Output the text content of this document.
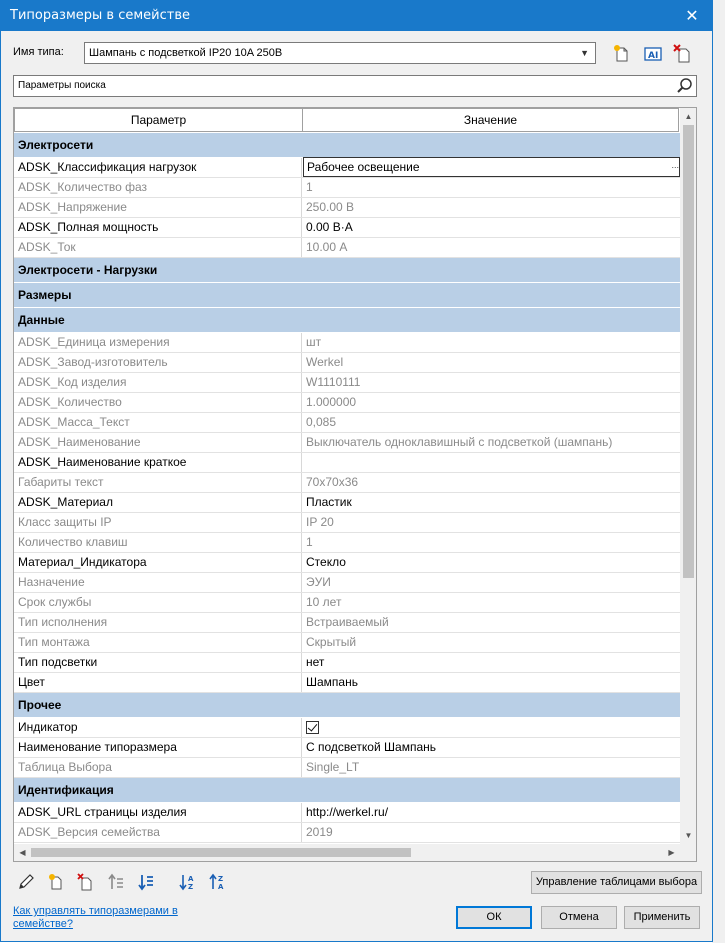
Типоразмеры в семействе	✕
Имя типа:	Шампань с подсветкой IP20 10A 250B	▼	AI
Параметры поиска
Параметр	Значение
Электросети
ADSK_Классификация нагрузок	Рабочее освещение	...
ADSK_Количество фаз	1
ADSK_Напряжение	250.00 В
ADSK_Полная мощность	0.00 В·А
ADSK_Ток	10.00 А
Электросети - Нагрузки
Размеры
Данные
ADSK_Единица измерения	шт
ADSK_Завод-изготовитель	Werkel
ADSK_Код изделия	W1110111
ADSK_Количество	1.000000
ADSK_Масса_Текст	0,085
ADSK_Наименование	Выключатель одноклавишный с подсветкой (шампань)
ADSK_Наименование краткое
Габариты текст	70x70x36
ADSK_Материал	Пластик
Класс защиты IP	IP 20
Количество клавиш	1
Материал_Индикатора	Стекло
Назначение	ЭУИ
Срок службы	10 лет
Тип исполнения	Встраиваемый
Тип монтажа	Скрытый
Тип подсветки	нет
Цвет	Шампань
Прочее
Индикатор
Наименование типоразмера	С подсветкой Шампань
Таблица Выбора	Single_LT
Идентификация
ADSK_URL страницы изделия	http://werkel.ru/
ADSK_Версия семейства	2019
▲
▼
◀	▶
A
Z
Z
A	Управление таблицами выбора
Как управлять типоразмерами в семействе?
ОК	Отмена	Применить
